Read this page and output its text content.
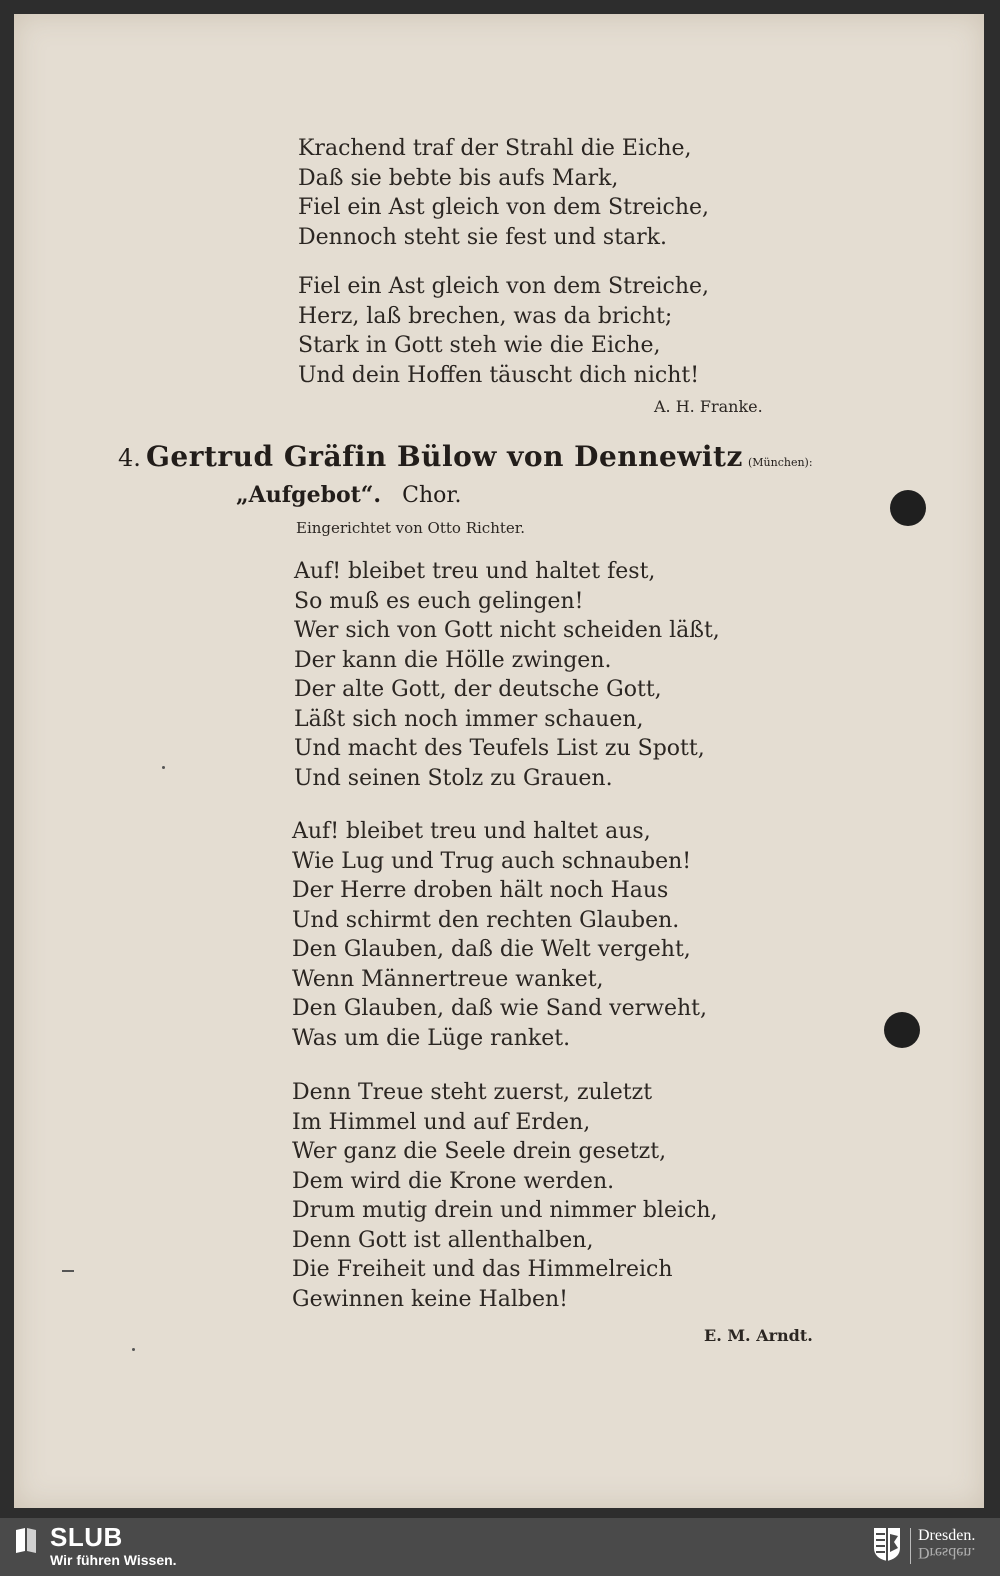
Krachend traf der Strahl die Eiche,
Daß sie bebte bis aufs Mark,
Fiel ein Ast gleich von dem Streiche,
Dennoch steht sie fest und stark.
Fiel ein Ast gleich von dem Streiche,
Herz, laß brechen, was da bricht;
Stark in Gott steh wie die Eiche,
Und dein Hoffen täuscht dich nicht!
A. H. Franke.
4. Gertrud Gräfin Bülow von Dennewitz (München):
„Aufgebot“. Chor.
Eingerichtet von Otto Richter.
Auf! bleibet treu und haltet fest,
So muß es euch gelingen!
Wer sich von Gott nicht scheiden läßt,
Der kann die Hölle zwingen.
Der alte Gott, der deutsche Gott,
Läßt sich noch immer schauen,
Und macht des Teufels List zu Spott,
Und seinen Stolz zu Grauen.
Auf! bleibet treu und haltet aus,
Wie Lug und Trug auch schnauben!
Der Herre droben hält noch Haus
Und schirmt den rechten Glauben.
Den Glauben, daß die Welt vergeht,
Wenn Männertreue wanket,
Den Glauben, daß wie Sand verweht,
Was um die Lüge ranket.
Denn Treue steht zuerst, zuletzt
Im Himmel und auf Erden,
Wer ganz die Seele drein gesetzt,
Dem wird die Krone werden.
Drum mutig drein und nimmer bleich,
Denn Gott ist allenthalben,
Die Freiheit und das Himmelreich
Gewinnen keine Halben!
E. M. Arndt.
SLUB
Wir führen Wissen.
Dresden.
Dresden.
